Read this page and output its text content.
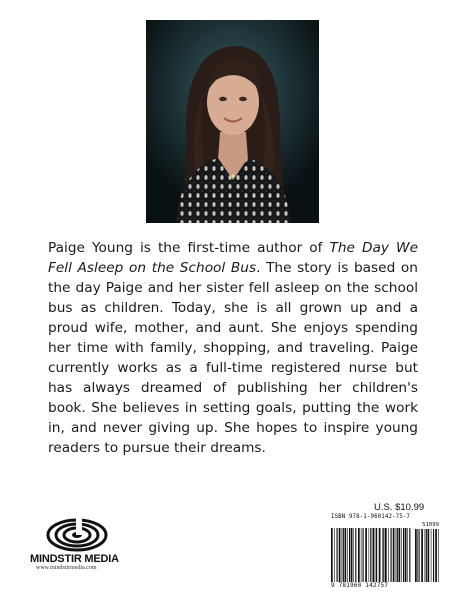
Paige Young is the first-time author of The Day We Fell Asleep on the School Bus. The story is based on the day Paige and her sister fell asleep on the school bus as children. Today, she is all grown up and a proud wife, mother, and aunt. She enjoys spending her time with family, shopping, and traveling. Paige currently works as a full-time registered nurse but has always dreamed of publishing her children's book. She believes in setting goals, putting the work in, and never giving up. She hopes to inspire young readers to pursue their dreams.

MINDSTIR MEDIA
www.mindstirmedia.com
U.S. $10.99
ISBN 978-1-960142-75-7
51099
9 781960 142757
